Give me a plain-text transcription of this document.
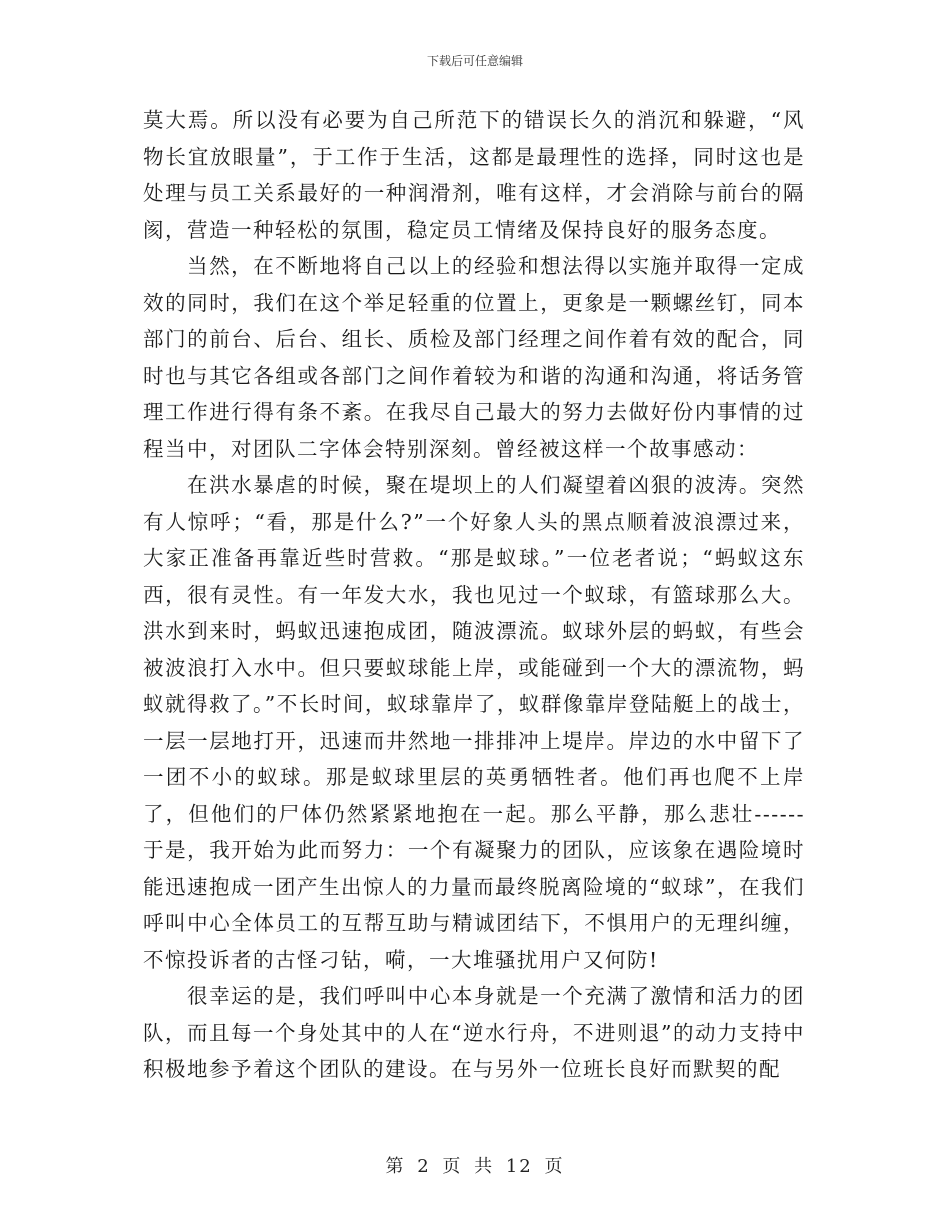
下载后可任意编辑

莫大焉。所以没有必要为自己所范下的错误长久的消沉和躲避，“风物长宜放眼量”，于工作于生活，这都是最理性的选择，同时这也是处理与员工关系最好的一种润滑剂，唯有这样，才会消除与前台的隔阂，营造一种轻松的氛围，稳定员工情绪及保持良好的服务态度。

当然，在不断地将自己以上的经验和想法得以实施并取得一定成效的同时，我们在这个举足轻重的位置上，更象是一颗螺丝钉，同本部门的前台、后台、组长、质检及部门经理之间作着有效的配合，同时也与其它各组或各部门之间作着较为和谐的沟通和沟通，将话务管理工作进行得有条不紊。在我尽自己最大的努力去做好份内事情的过程当中，对团队二字体会特别深刻。曾经被这样一个故事感动：

在洪水暴虐的时候，聚在堤坝上的人们凝望着凶狠的波涛。突然有人惊呼；“看，那是什么?”一个好象人头的黑点顺着波浪漂过来，大家正准备再靠近些时营救。“那是蚁球。”一位老者说；“蚂蚁这东西，很有灵性。有一年发大水，我也见过一个蚁球，有篮球那么大。洪水到来时，蚂蚁迅速抱成团，随波漂流。蚁球外层的蚂蚁，有些会被波浪打入水中。但只要蚁球能上岸，或能碰到一个大的漂流物，蚂蚁就得救了。”不长时间，蚁球靠岸了，蚁群像靠岸登陆艇上的战士，一层一层地打开，迅速而井然地一排排冲上堤岸。岸边的水中留下了一团不小的蚁球。那是蚁球里层的英勇牺牲者。他们再也爬不上岸了，但他们的尸体仍然紧紧地抱在一起。那么平静，那么悲壮------于是，我开始为此而努力：一个有凝聚力的团队，应该象在遇险境时能迅速抱成一团产生出惊人的力量而最终脱离险境的“蚁球”，在我们呼叫中心全体员工的互帮互助与精诚团结下，不惧用户的无理纠缠，不惊投诉者的古怪刁钻，嗬，一大堆骚扰用户又何防!

很幸运的是，我们呼叫中心本身就是一个充满了激情和活力的团队，而且每一个身处其中的人在“逆水行舟，不进则退”的动力支持中积极地参予着这个团队的建设。在与另外一位班长良好而默契的配

第 2 页 共 12 页
